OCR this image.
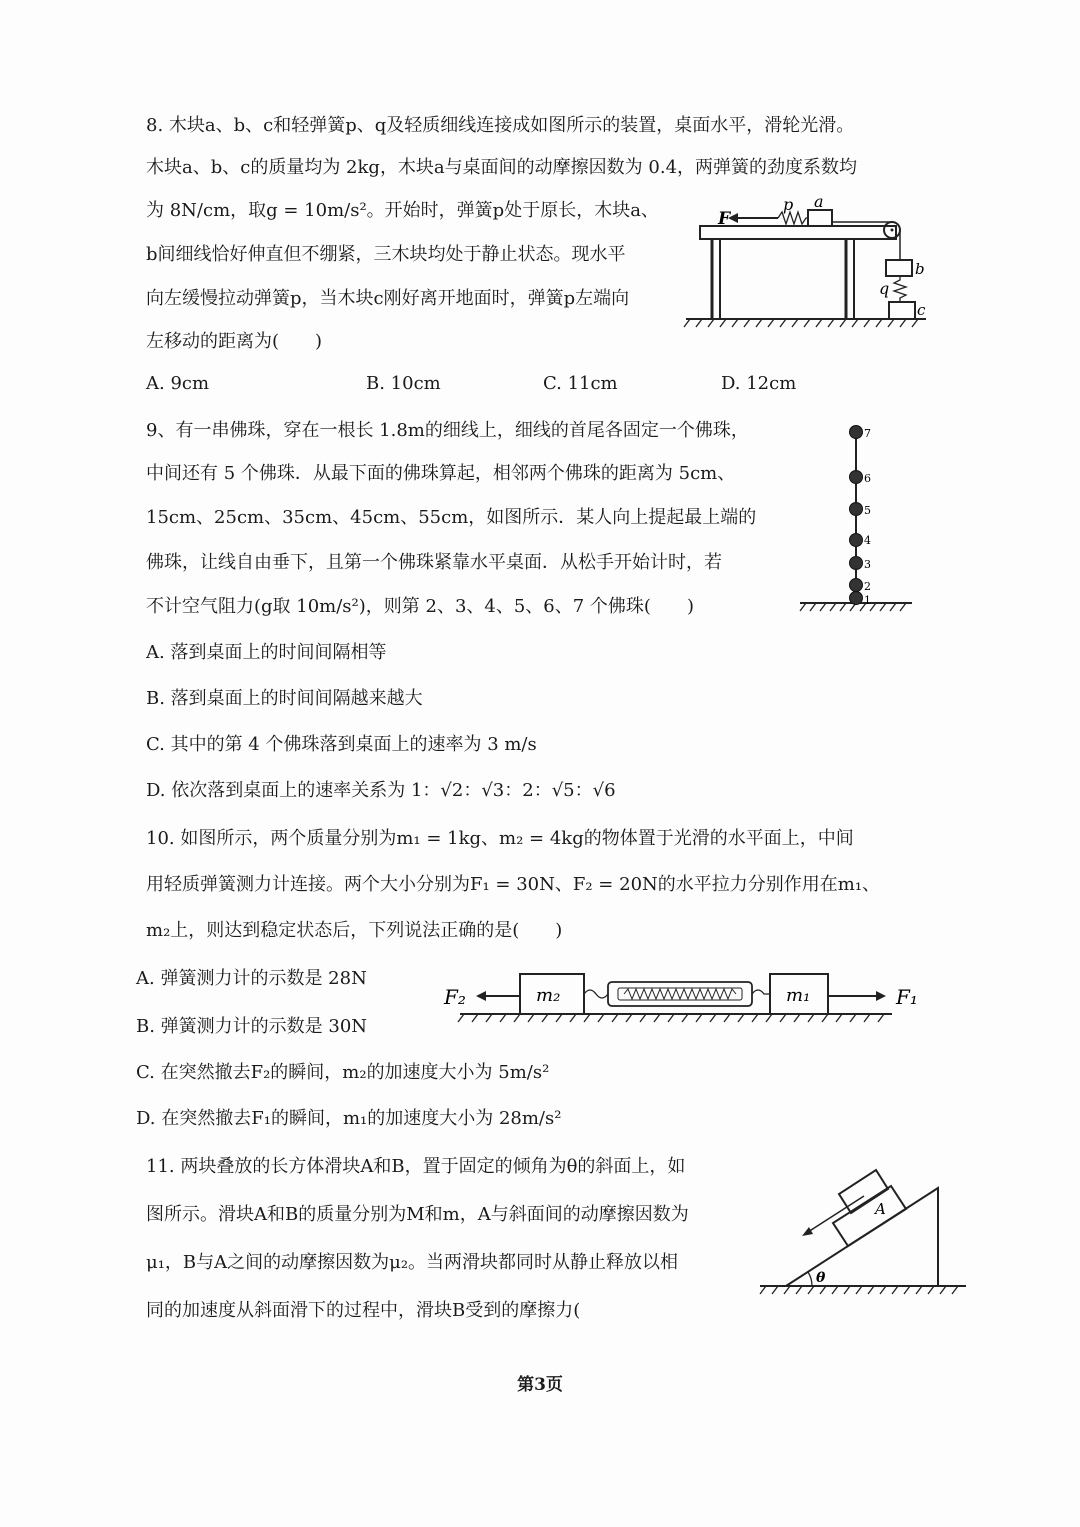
8. 木块a、b、c和轻弹簧p、q及轻质细线连接成如图所示的装置，桌面水平，滑轮光滑。
木块a、b、c的质量均为 2kg，木块a与桌面间的动摩擦因数为 0.4，两弹簧的劲度系数均
为 8N/cm，取g = 10m/s²。开始时，弹簧p处于原长，木块a、
b间细线恰好伸直但不绷紧，三木块均处于静止状态。现水平
向左缓慢拉动弹簧p，当木块c刚好离开地面时，弹簧p左端向
左移动的距离为(　　)
A. 9cm	B. 10cm	C. 11cm	D. 12cm
F
p a
b
q
c
9、有一串佛珠，穿在一根长 1.8m的细线上，细线的首尾各固定一个佛珠，
中间还有 5 个佛珠．从最下面的佛珠算起，相邻两个佛珠的距离为 5cm、
15cm、25cm、35cm、45cm、55cm，如图所示．某人向上提起最上端的
佛珠，让线自由垂下，且第一个佛珠紧靠水平桌面．从松手开始计时，若
不计空气阻力(g取 10m/s²)，则第 2、3、4、5、6、7 个佛珠(　　)
A. 落到桌面上的时间间隔相等
B. 落到桌面上的时间间隔越来越大
C. 其中的第 4 个佛珠落到桌面上的速率为 3 m/s
D. 依次落到桌面上的速率关系为 1：√2：√3：2：√5：√6
1
2
3
4
5
6
7
10. 如图所示，两个质量分别为m₁ = 1kg、m₂ = 4kg的物体置于光滑的水平面上，中间
用轻质弹簧测力计连接。两个大小分别为F₁ = 30N、F₂ = 20N的水平拉力分别作用在m₁、
m₂上，则达到稳定状态后，下列说法正确的是(　　)
A. 弹簧测力计的示数是 28N
B. 弹簧测力计的示数是 30N
C. 在突然撤去F₂的瞬间，m₂的加速度大小为 5m/s²
D. 在突然撤去F₁的瞬间，m₁的加速度大小为 28m/s²
F₂	m₂	m₁	F₁
11. 两块叠放的长方体滑块A和B，置于固定的倾角为θ的斜面上，如
图所示。滑块A和B的质量分别为M和m，A与斜面间的动摩擦因数为
μ₁，B与A之间的动摩擦因数为μ₂。当两滑块都同时从静止释放以相
同的加速度从斜面滑下的过程中，滑块B受到的摩擦力(
A
θ
第3页
